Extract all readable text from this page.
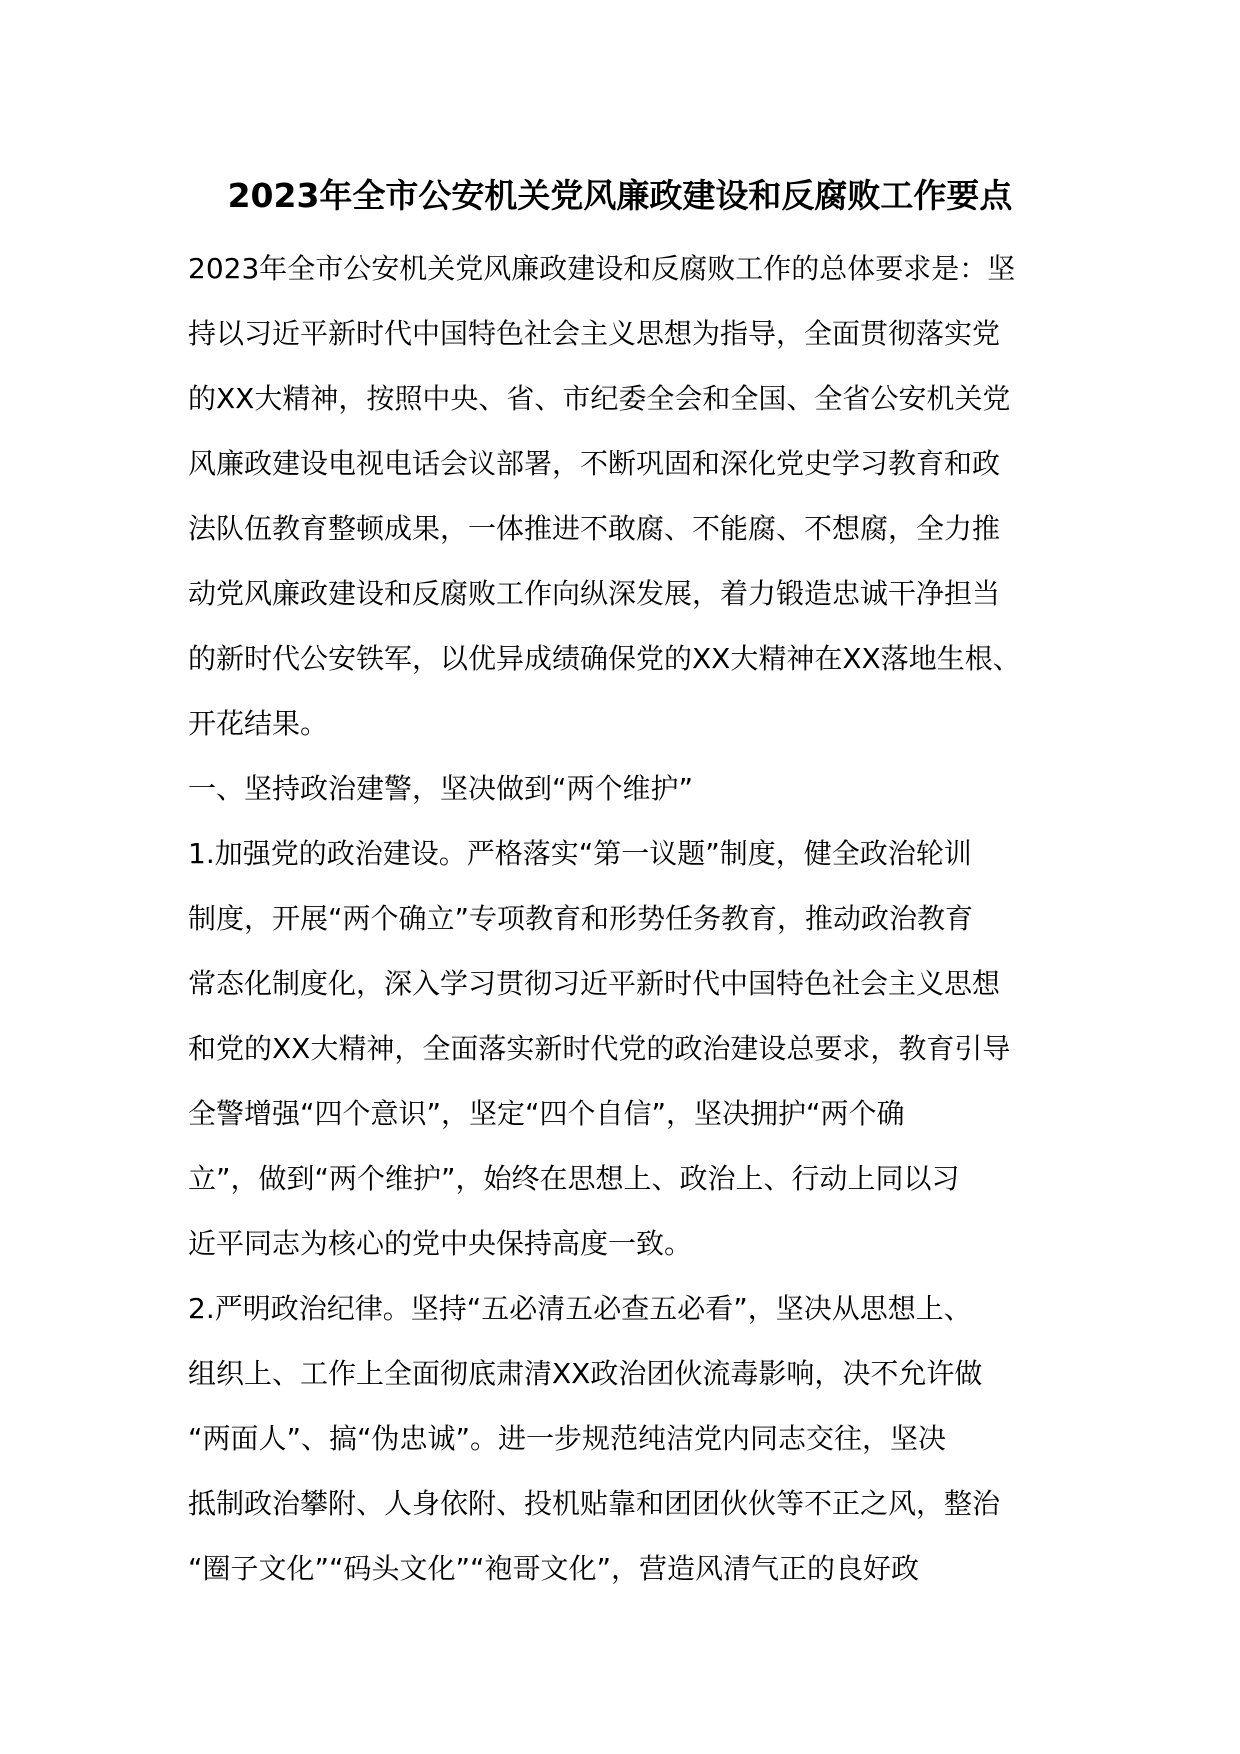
2023年全市公安机关党风廉政建设和反腐败工作要点
2023年全市公安机关党风廉政建设和反腐败工作的总体要求是：坚
持以习近平新时代中国特色社会主义思想为指导，全面贯彻落实党
的XX大精神，按照中央、省、市纪委全会和全国、全省公安机关党
风廉政建设电视电话会议部署，不断巩固和深化党史学习教育和政
法队伍教育整顿成果，一体推进不敢腐、不能腐、不想腐，全力推
动党风廉政建设和反腐败工作向纵深发展，着力锻造忠诚干净担当
的新时代公安铁军，以优异成绩确保党的XX大精神在XX落地生根、
开花结果。
一、坚持政治建警，坚决做到“两个维护”
1.加强党的政治建设。严格落实“第一议题”制度，健全政治轮训
制度，开展“两个确立”专项教育和形势任务教育，推动政治教育
常态化制度化，深入学习贯彻习近平新时代中国特色社会主义思想
和党的XX大精神，全面落实新时代党的政治建设总要求，教育引导
全警增强“四个意识”，坚定“四个自信”，坚决拥护“两个确
立”，做到“两个维护”，始终在思想上、政治上、行动上同以习
近平同志为核心的党中央保持高度一致。
2.严明政治纪律。坚持“五必清五必查五必看”，坚决从思想上、
组织上、工作上全面彻底肃清XX政治团伙流毒影响，决不允许做
“两面人”、搞“伪忠诚”。进一步规范纯洁党内同志交往，坚决
抵制政治攀附、人身依附、投机贴靠和团团伙伙等不正之风，整治
“圈子文化”“码头文化”“袍哥文化”，营造风清气正的良好政
